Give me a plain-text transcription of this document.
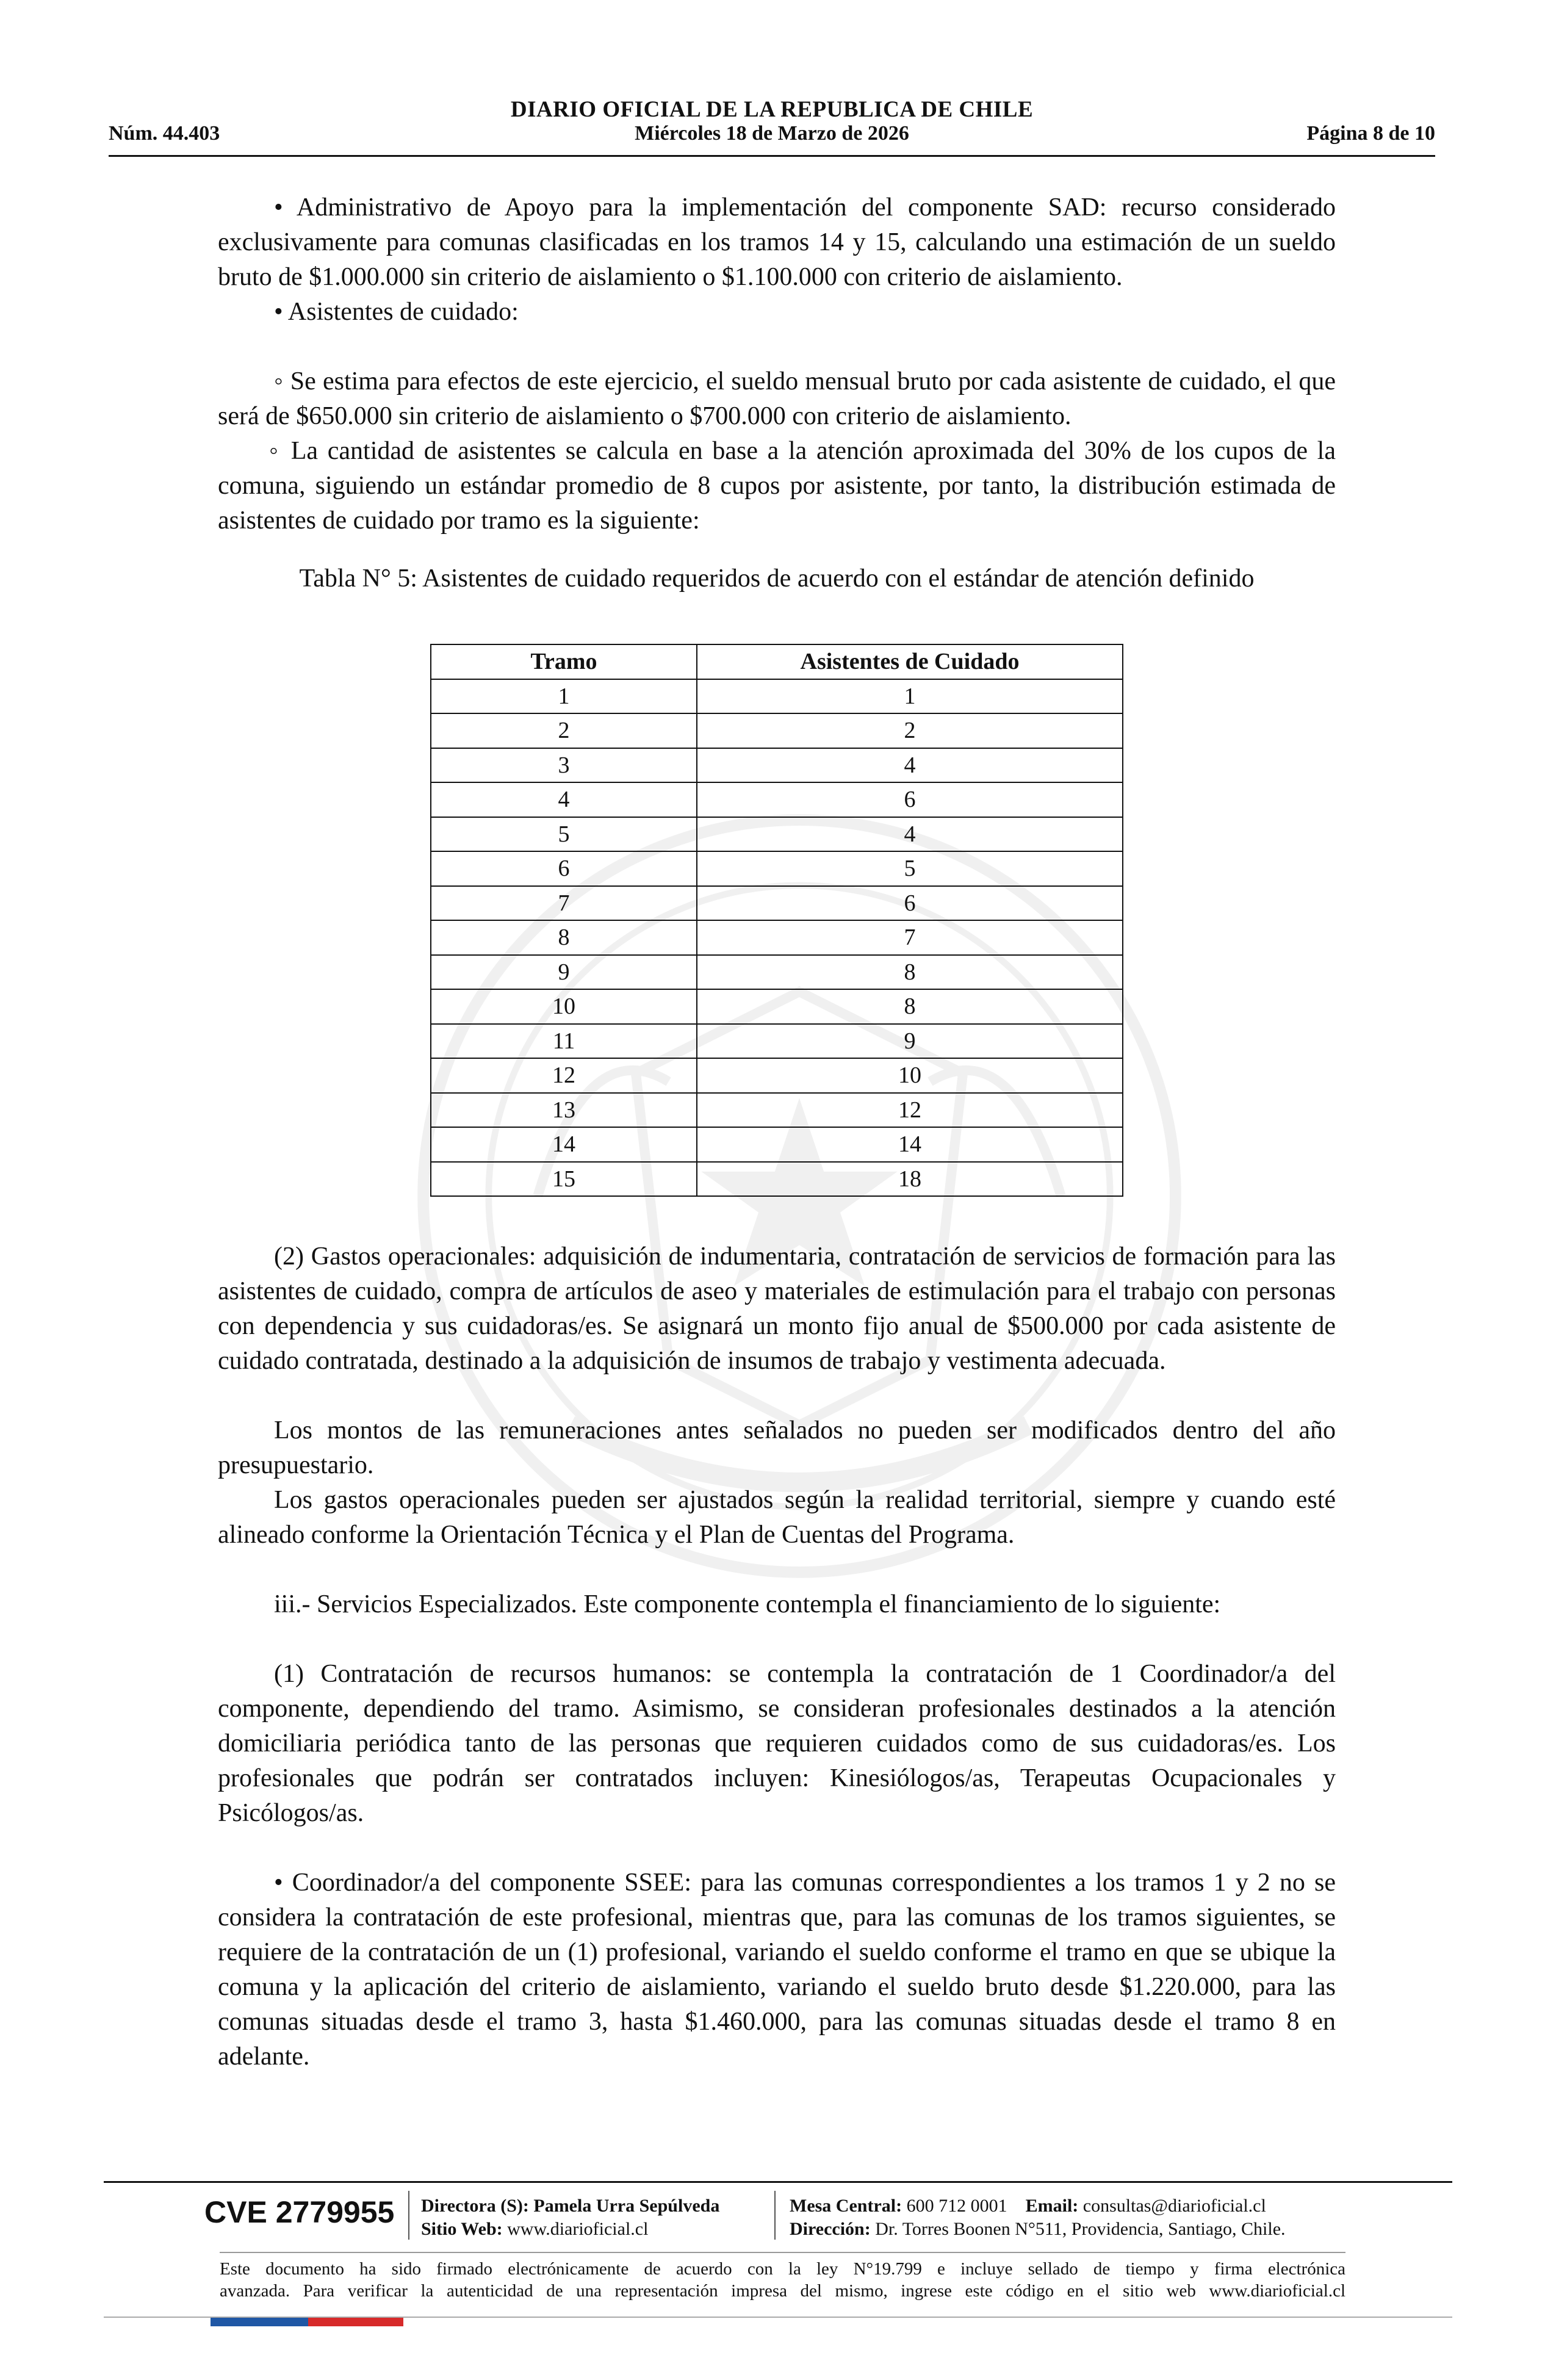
DIARIO OFICIAL DE LA REPUBLICA DE CHILE
Núm. 44.403	Miércoles 18 de Marzo de 2026	Página 8 de 10
• Administrativo de Apoyo para la implementación del componente SAD: recurso considerado exclusivamente para comunas clasificadas en los tramos 14 y 15, calculando una estimación de un sueldo bruto de $1.000.000 sin criterio de aislamiento o $1.100.000 con criterio de aislamiento.
• Asistentes de cuidado:
◦ Se estima para efectos de este ejercicio, el sueldo mensual bruto por cada asistente de cuidado, el que será de $650.000 sin criterio de aislamiento o $700.000 con criterio de aislamiento.
◦ La cantidad de asistentes se calcula en base a la atención aproximada del 30% de los cupos de la comuna, siguiendo un estándar promedio de 8 cupos por asistente, por tanto, la distribución estimada de asistentes de cuidado por tramo es la siguiente:
Tabla N° 5: Asistentes de cuidado requeridos de acuerdo con el estándar de atención definido
Tramo	Asistentes de Cuidado
1	1
2	2
3	4
4	6
5	4
6	5
7	6
8	7
9	8
10	8
11	9
12	10
13	12
14	14
15	18
(2) Gastos operacionales: adquisición de indumentaria, contratación de servicios de formación para las asistentes de cuidado, compra de artículos de aseo y materiales de estimulación para el trabajo con personas con dependencia y sus cuidadoras/es. Se asignará un monto fijo anual de $500.000 por cada asistente de cuidado contratada, destinado a la adquisición de insumos de trabajo y vestimenta adecuada.
Los montos de las remuneraciones antes señalados no pueden ser modificados dentro del año presupuestario.
Los gastos operacionales pueden ser ajustados según la realidad territorial, siempre y cuando esté alineado conforme la Orientación Técnica y el Plan de Cuentas del Programa.
iii.- Servicios Especializados. Este componente contempla el financiamiento de lo siguiente:
(1) Contratación de recursos humanos: se contempla la contratación de 1 Coordinador/a del componente, dependiendo del tramo. Asimismo, se consideran profesionales destinados a la atención domiciliaria periódica tanto de las personas que requieren cuidados como de sus cuidadoras/es. Los profesionales que podrán ser contratados incluyen: Kinesiólogos/as, Terapeutas Ocupacionales y Psicólogos/as.
• Coordinador/a del componente SSEE: para las comunas correspondientes a los tramos 1 y 2 no se considera la contratación de este profesional, mientras que, para las comunas de los tramos siguientes, se requiere de la contratación de un (1) profesional, variando el sueldo conforme el tramo en que se ubique la comuna y la aplicación del criterio de aislamiento, variando el sueldo bruto desde $1.220.000, para las comunas situadas desde el tramo 3, hasta $1.460.000, para las comunas situadas desde el tramo 8 en adelante.
CVE 2779955 Directora (S): Pamela Urra Sepúlveda
Sitio Web: www.diarioficial.cl
Mesa Central: 600 712 0001 Email: consultas@diarioficial.cl
Dirección: Dr. Torres Boonen N°511, Providencia, Santiago, Chile.
Este documento ha sido firmado electrónicamente de acuerdo con la ley N°19.799 e incluye sellado de tiempo y firma electrónica
avanzada. Para verificar la autenticidad de una representación impresa del mismo, ingrese este código en el sitio web www.diarioficial.cl
